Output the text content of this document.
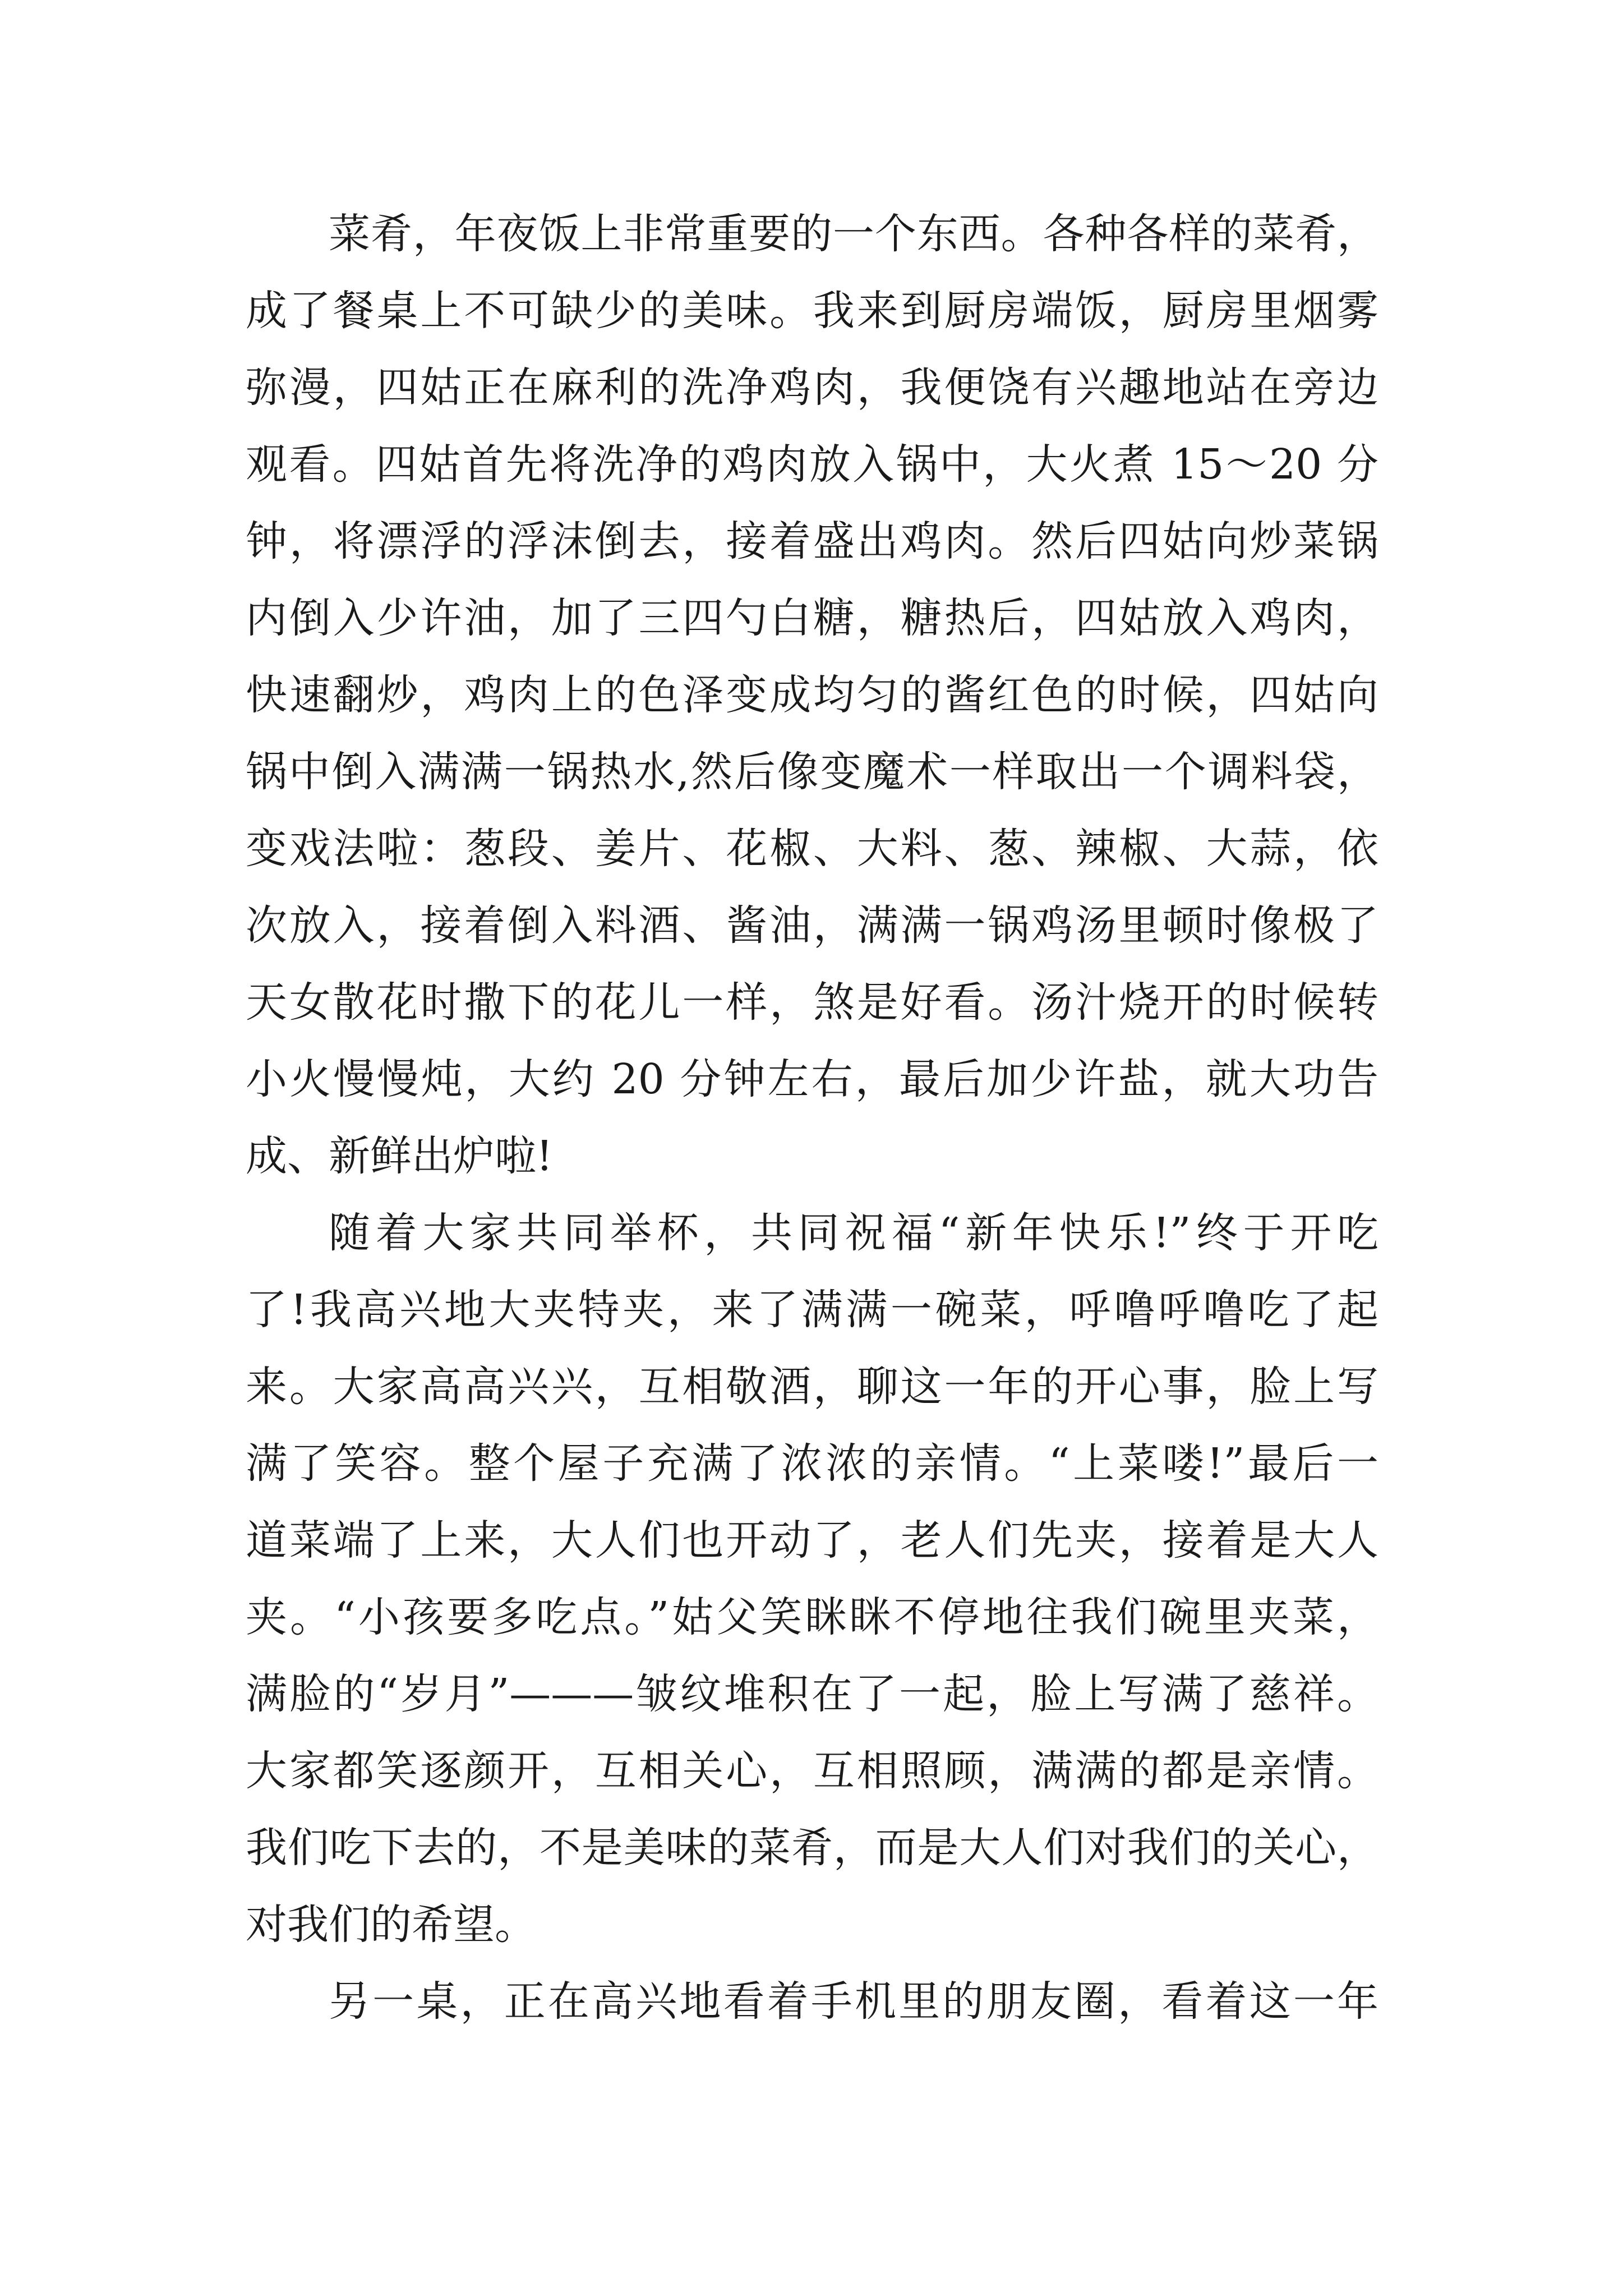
菜肴，年夜饭上非常重要的一个东西。各种各样的菜肴，
成了餐桌上不可缺少的美味。我来到厨房端饭，厨房里烟雾
弥漫，四姑正在麻利的洗净鸡肉，我便饶有兴趣地站在旁边
观看。四姑首先将洗净的鸡肉放入锅中，大火煮 15～20 分
钟，将漂浮的浮沫倒去，接着盛出鸡肉。然后四姑向炒菜锅
内倒入少许油，加了三四勺白糖，糖热后，四姑放入鸡肉，
快速翻炒，鸡肉上的色泽变成均匀的酱红色的时候，四姑向
锅中倒入满满一锅热水,然后像变魔术一样取出一个调料袋，
变戏法啦：葱段、姜片、花椒、大料、葱、辣椒、大蒜，依
次放入，接着倒入料酒、酱油，满满一锅鸡汤里顿时像极了
天女散花时撒下的花儿一样，煞是好看。汤汁烧开的时候转
小火慢慢炖，大约 20 分钟左右，最后加少许盐，就大功告
成、新鲜出炉啦!
随着大家共同举杯，共同祝福“新年快乐!”终于开吃
了!我高兴地大夹特夹，来了满满一碗菜，呼噜呼噜吃了起
来。大家高高兴兴，互相敬酒，聊这一年的开心事，脸上写
满了笑容。整个屋子充满了浓浓的亲情。“上菜喽!”最后一
道菜端了上来，大人们也开动了，老人们先夹，接着是大人
夹。“小孩要多吃点。”姑父笑眯眯不停地往我们碗里夹菜，
满脸的“岁月”———皱纹堆积在了一起，脸上写满了慈祥。
大家都笑逐颜开，互相关心，互相照顾，满满的都是亲情。
我们吃下去的，不是美味的菜肴，而是大人们对我们的关心，
对我们的希望。
另一桌，正在高兴地看着手机里的朋友圈，看着这一年
